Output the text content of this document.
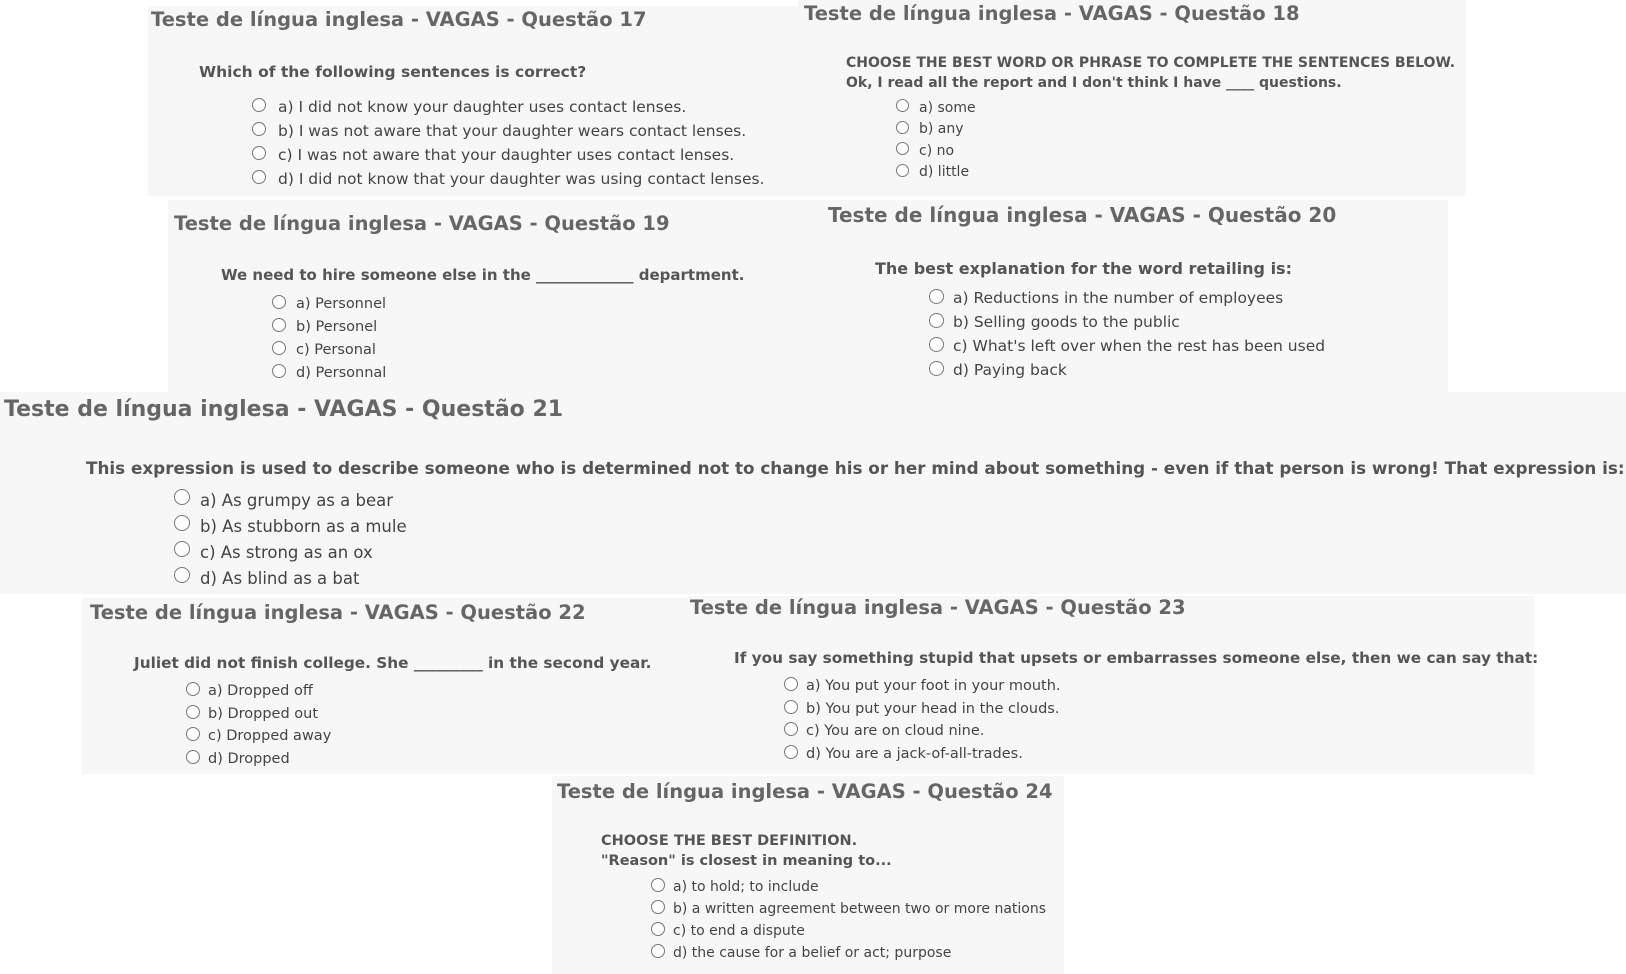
Teste de língua inglesa - VAGAS - Questão 17
Which of the following sentences is correct?
a) I did not know your daughter uses contact lenses.
b) I was not aware that your daughter wears contact lenses.
c) I was not aware that your daughter uses contact lenses.
d) I did not know that your daughter was using contact lenses.
Teste de língua inglesa - VAGAS - Questão 18
CHOOSE THE BEST WORD OR PHRASE TO COMPLETE THE SENTENCES BELOW.
Ok, I read all the report and I don't think I have ____ questions.
a) some
b) any
c) no
d) little
Teste de língua inglesa - VAGAS - Questão 19
We need to hire someone else in the _____________ department.
a) Personnel
b) Personel
c) Personal
d) Personnal
Teste de língua inglesa - VAGAS - Questão 20
The best explanation for the word retailing is:
a) Reductions in the number of employees
b) Selling goods to the public
c) What's left over when the rest has been used
d) Paying back
Teste de língua inglesa - VAGAS - Questão 21
This expression is used to describe someone who is determined not to change his or her mind about something - even if that person is wrong! That expression is:
a) As grumpy as a bear
b) As stubborn as a mule
c) As strong as an ox
d) As blind as a bat
Teste de língua inglesa - VAGAS - Questão 22
Juliet did not finish college. She _________ in the second year.
a) Dropped off
b) Dropped out
c) Dropped away
d) Dropped
Teste de língua inglesa - VAGAS - Questão 23
If you say something stupid that upsets or embarrasses someone else, then we can say that:
a) You put your foot in your mouth.
b) You put your head in the clouds.
c) You are on cloud nine.
d) You are a jack-of-all-trades.
Teste de língua inglesa - VAGAS - Questão 24
CHOOSE THE BEST DEFINITION.
"Reason" is closest in meaning to...
a) to hold; to include
b) a written agreement between two or more nations
c) to end a dispute
d) the cause for a belief or act; purpose
